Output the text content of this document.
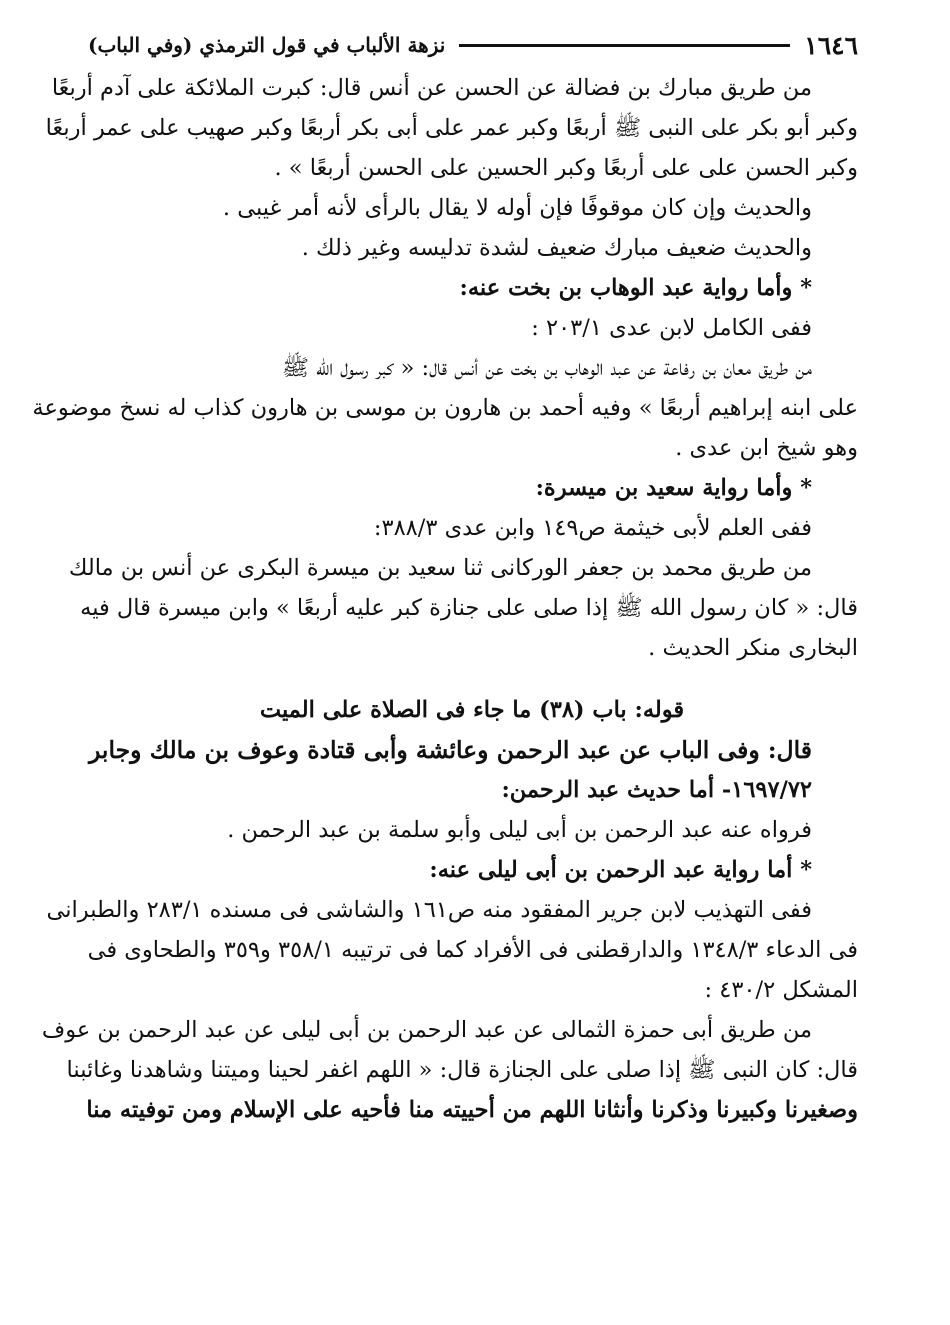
١٦٤٦
نزهة الألباب في قول الترمذي (وفي الباب)
من طريق مبارك بن فضالة عن الحسن عن أنس قال: كبرت الملائكة على آدم أربعًا
وكبر أبو بكر على النبى ﷺ أربعًا وكبر عمر على أبى بكر أربعًا وكبر صهيب على عمر أربعًا
وكبر الحسن على على أربعًا وكبر الحسين على الحسن أربعًا » .
والحديث وإن كان موقوفًا فإن أوله لا يقال بالرأى لأنه أمر غيبى .
والحديث ضعيف مبارك ضعيف لشدة تدليسه وغير ذلك .
* وأما رواية عبد الوهاب بن بخت عنه:
ففى الكامل لابن عدى ٢٠٣/١ :
من طريق معان بن رفاعة عن عبد الوهاب بن بخت عن أنس قال: « كبر رسول الله ﷺ
على ابنه إبراهيم أربعًا » وفيه أحمد بن هارون بن موسى بن هارون كذاب له نسخ موضوعة
وهو شيخ ابن عدى .
* وأما رواية سعيد بن ميسرة:
ففى العلم لأبى خيثمة ص١٤٩ وابن عدى ٣٨٨/٣:
من طريق محمد بن جعفر الوركانى ثنا سعيد بن ميسرة البكرى عن أنس بن مالك
قال: « كان رسول الله ﷺ إذا صلى على جنازة كبر عليه أربعًا » وابن ميسرة قال فيه
البخارى منكر الحديث .
قوله: باب (٣٨) ما جاء فى الصلاة على الميت
قال: وفى الباب عن عبد الرحمن وعائشة وأبى قتادة وعوف بن مالك وجابر
١٦٩٧/٧٢- أما حديث عبد الرحمن:
فرواه عنه عبد الرحمن بن أبى ليلى وأبو سلمة بن عبد الرحمن .
* أما رواية عبد الرحمن بن أبى ليلى عنه:
ففى التهذيب لابن جرير المفقود منه ص١٦١ والشاشى فى مسنده ٢٨٣/١ والطبرانى
فى الدعاء ١٣٤٨/٣ والدارقطنى فى الأفراد كما فى ترتيبه ٣٥٨/١ و٣٥٩ والطحاوى فى
المشكل ٤٣٠/٢ :
من طريق أبى حمزة الثمالى عن عبد الرحمن بن أبى ليلى عن عبد الرحمن بن عوف
قال: كان النبى ﷺ إذا صلى على الجنازة قال: « اللهم اغفر لحينا وميتنا وشاهدنا وغائبنا
وصغيرنا وكبيرنا وذكرنا وأنثانا اللهم من أحييته منا فأحيه على الإسلام ومن توفيته منا
